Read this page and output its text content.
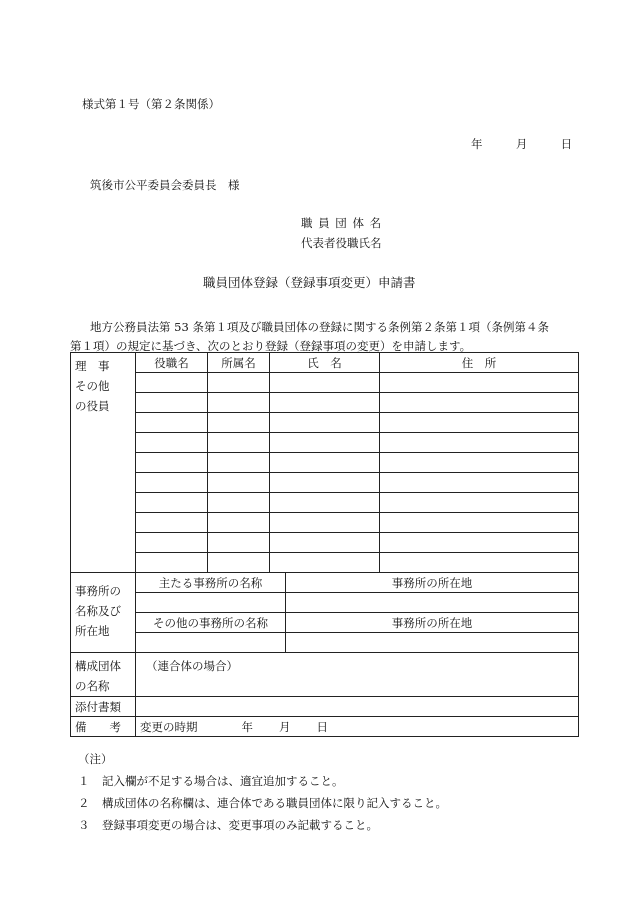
様式第１号（第２条関係）
年	月	日
筑後市公平委員会委員長　様
職 員 団 体 名
代表者役職氏名
職員団体登録（登録事項変更）申請書

地方公務員法第 53 条第１項及び職員団体の登録に関する条例第２条第１項（条例第４条

第１項）の規定に基づき、次のとおり登録（登録事項の変更）を申請します。

理　事
その他
の役員	役職名	所属名	氏　名		住　所

事務所の
名称及び
所在地	主たる事務所の名称			事務所の所在地	

	その他の事務所の名称			事務所の所在地	

構成団体
の名称	（連合体の場合）				
添付書類					
備　　考	変更の時期 年 月 日				
（注）
１ 記入欄が不足する場合は、適宜追加すること。
２ 構成団体の名称欄は、連合体である職員団体に限り記入すること。
３ 登録事項変更の場合は、変更事項のみ記載すること。
